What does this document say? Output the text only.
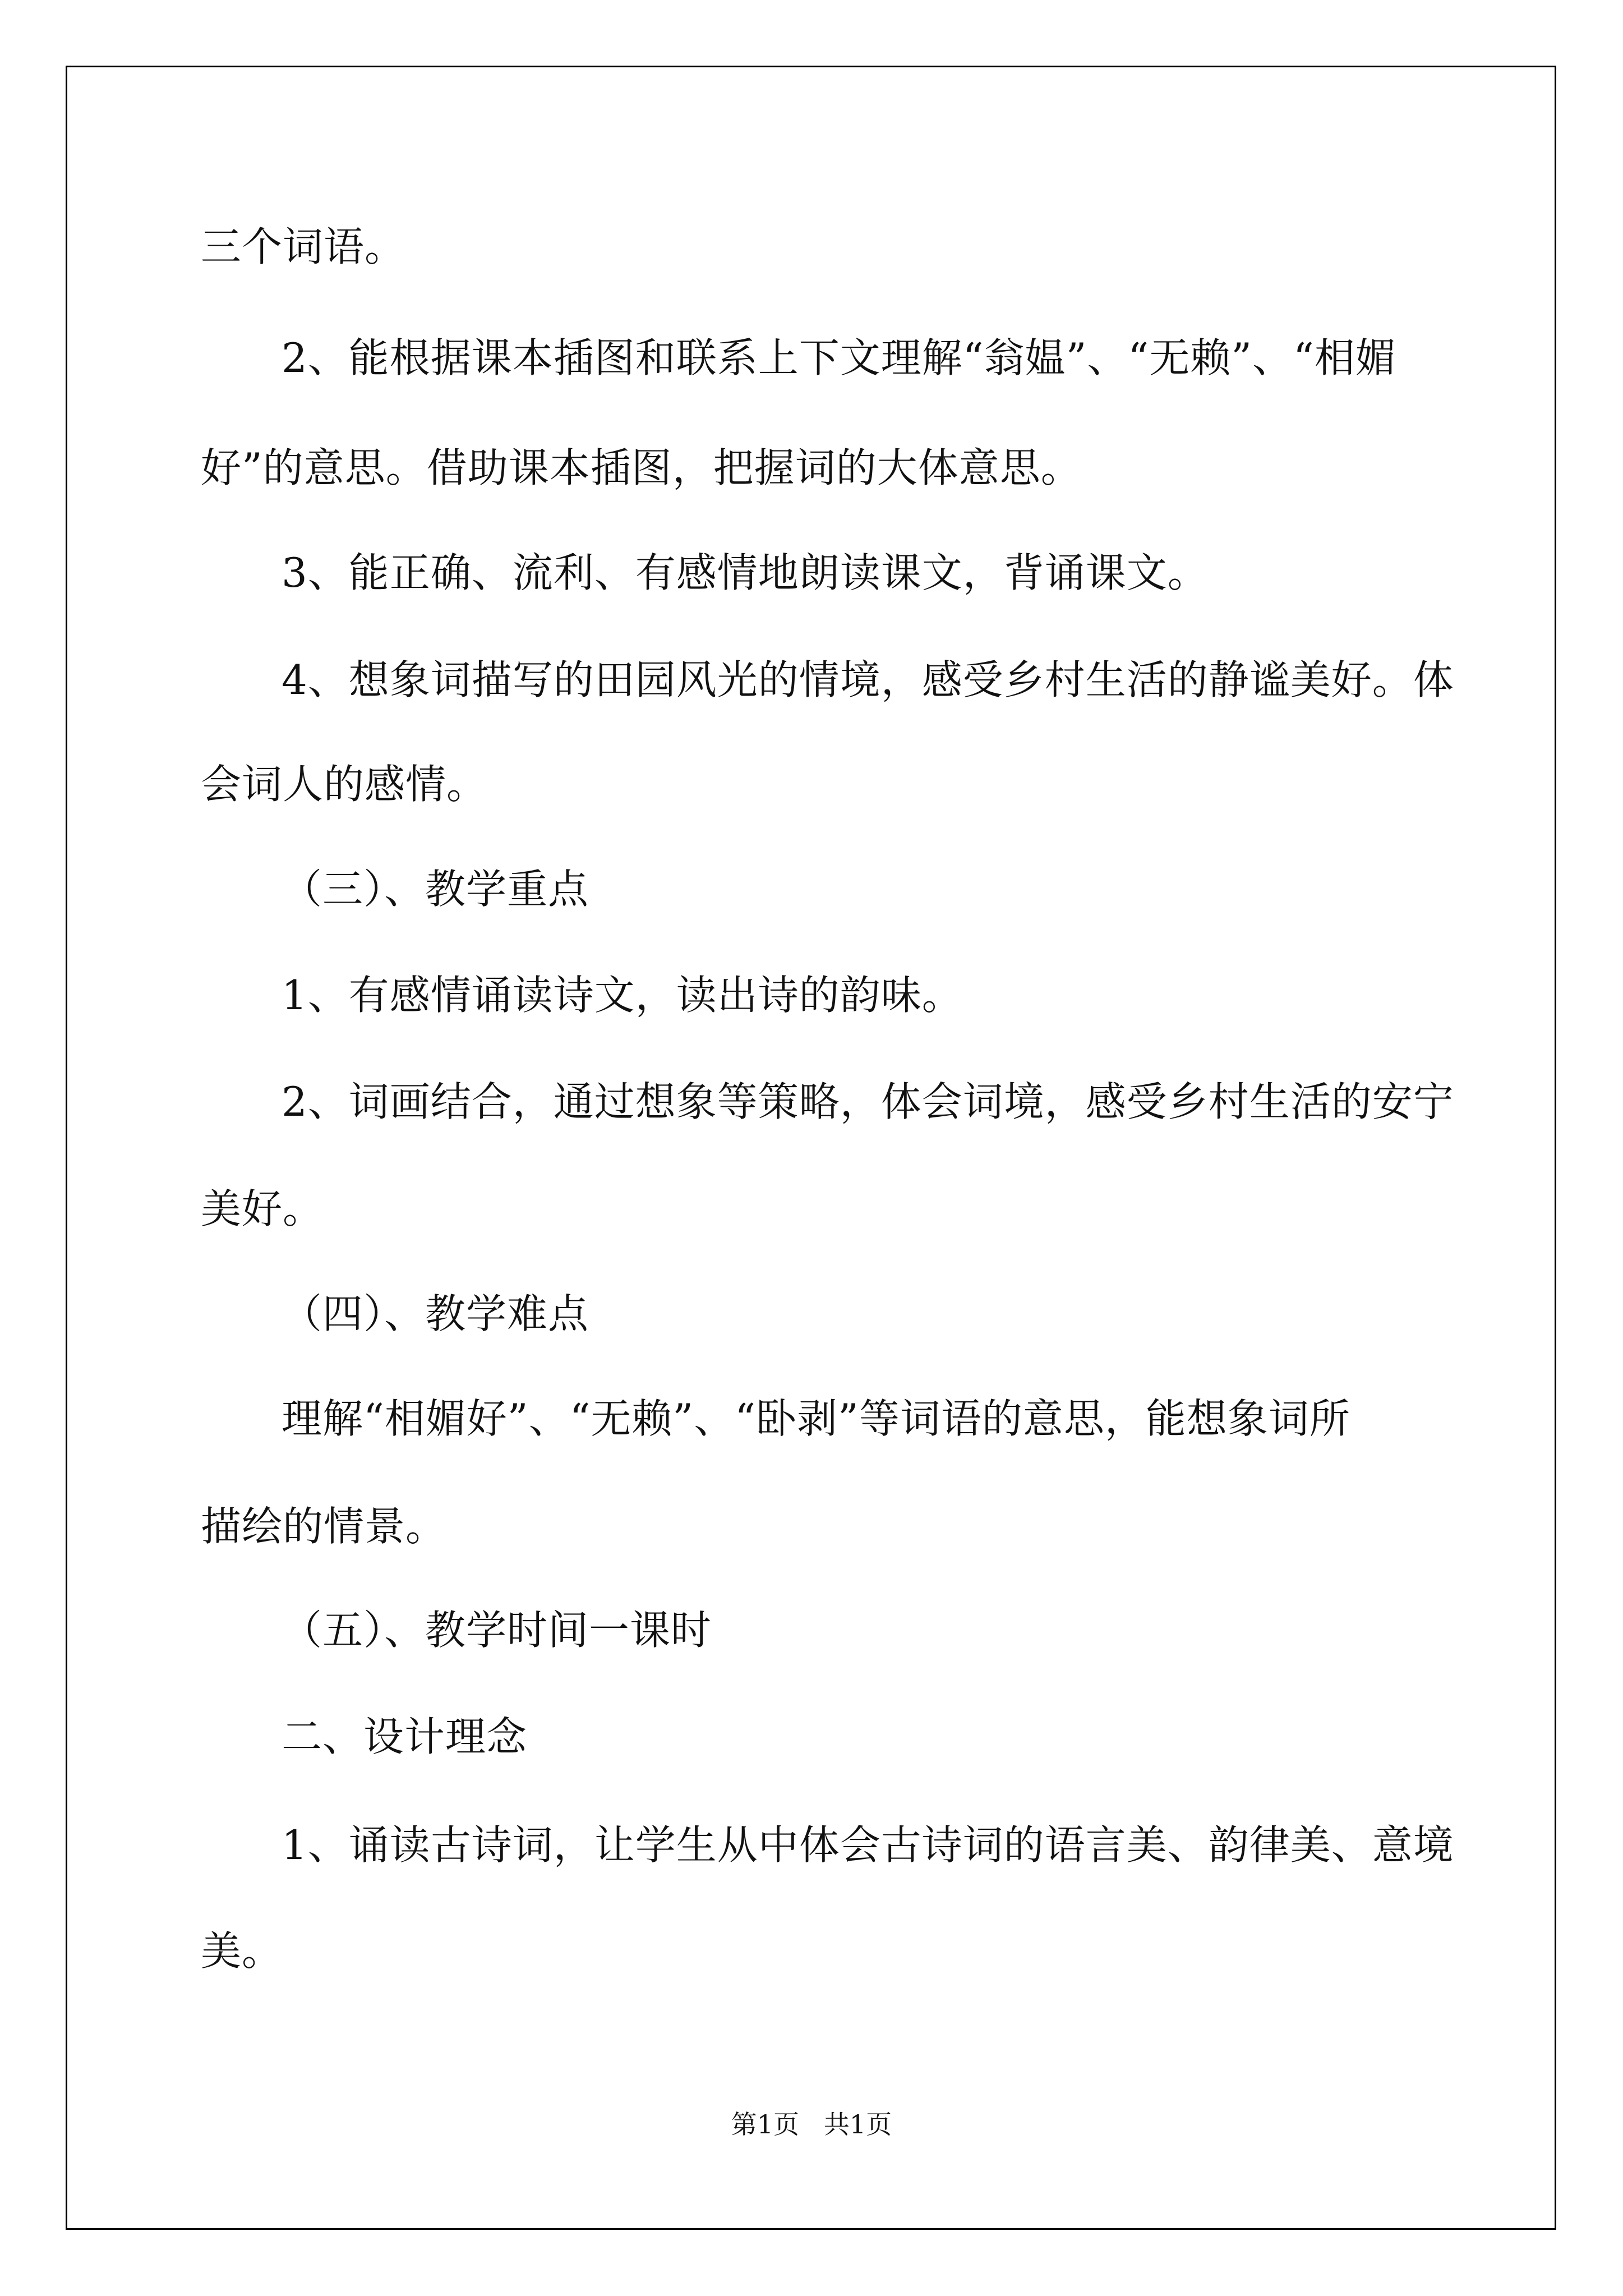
三个词语。

2、能根据课本插图和联系上下文理解“翁媪”、“无赖”、“相媚

好”的意思。借助课本插图，把握词的大体意思。

3、能正确、流利、有感情地朗读课文，背诵课文。

4、想象词描写的田园风光的情境，感受乡村生活的静谧美好。体

会词人的感情。

（三）、教学重点

1、有感情诵读诗文，读出诗的韵味。

2、词画结合，通过想象等策略，体会词境，感受乡村生活的安宁

美好。

（四）、教学难点

理解“相媚好”、“无赖”、“卧剥”等词语的意思，能想象词所

描绘的情景。

（五）、教学时间一课时

二、设计理念

1、诵读古诗词，让学生从中体会古诗词的语言美、韵律美、意境

美。

第1页   共1页
